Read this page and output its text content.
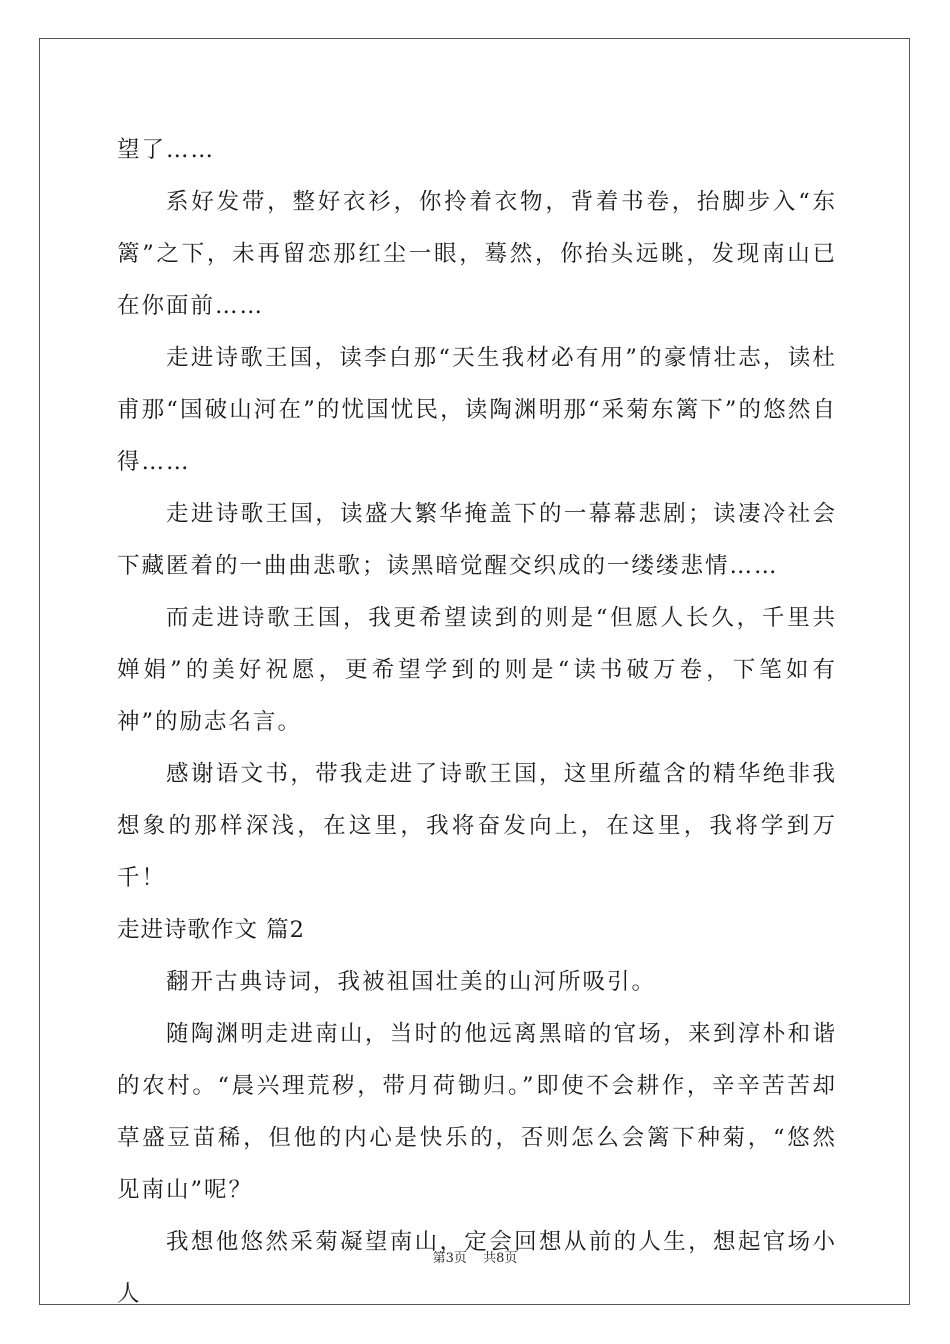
望了……

系好发带，整好衣衫，你拎着衣物，背着书卷，抬脚步入“东篱”之下，未再留恋那红尘一眼，蓦然，你抬头远眺，发现南山已在你面前……

走进诗歌王国，读李白那“天生我材必有用”的豪情壮志，读杜甫那“国破山河在”的忧国忧民，读陶渊明那“采菊东篱下”的悠然自得……

走进诗歌王国，读盛大繁华掩盖下的一幕幕悲剧；读凄冷社会下藏匿着的一曲曲悲歌；读黑暗觉醒交织成的一缕缕悲情……

而走进诗歌王国，我更希望读到的则是“但愿人长久，千里共婵娟”的美好祝愿，更希望学到的则是“读书破万卷，下笔如有神”的励志名言。

感谢语文书，带我走进了诗歌王国，这里所蕴含的精华绝非我想象的那样深浅，在这里，我将奋发向上，在这里，我将学到万千！

走进诗歌作文 篇2

翻开古典诗词，我被祖国壮美的山河所吸引。

随陶渊明走进南山，当时的他远离黑暗的官场，来到淳朴和谐的农村。“晨兴理荒秽，带月荷锄归。”即使不会耕作，辛辛苦苦却草盛豆苗稀，但他的内心是快乐的，否则怎么会篱下种菊，“悠然见南山”呢？

我想他悠然采菊凝望南山，定会回想从前的人生，想起官场小人

第3页 共8页
